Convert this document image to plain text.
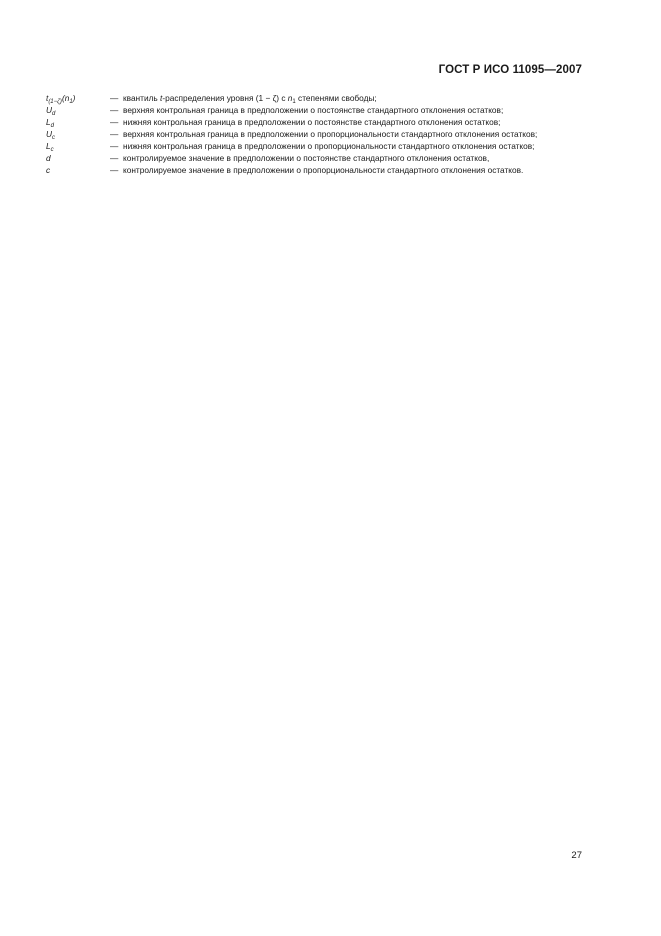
ГОСТ Р ИСО 11095—2007
$t_{(1-\zeta)}(n_1)$	— квантиль t-распределения уровня (1 − ζ) с $n_1$ степенями свободы;
$U_d$	— верхняя контрольная граница в предположении о постоянстве стандартного отклонения остатков;
$L_d$	— нижняя контрольная граница в предположении о постоянстве стандартного отклонения остатков;
$U_c$	— верхняя контрольная граница в предположении о пропорциональности стандартного отклонения остатков;
$L_c$	— нижняя контрольная граница в предположении о пропорциональности стандартного отклонения остатков;
d	— контролируемое значение в предположении о постоянстве стандартного отклонения остатков,
c	— контролируемое значение в предположении о пропорциональности стандартного отклонения остатков.
27
